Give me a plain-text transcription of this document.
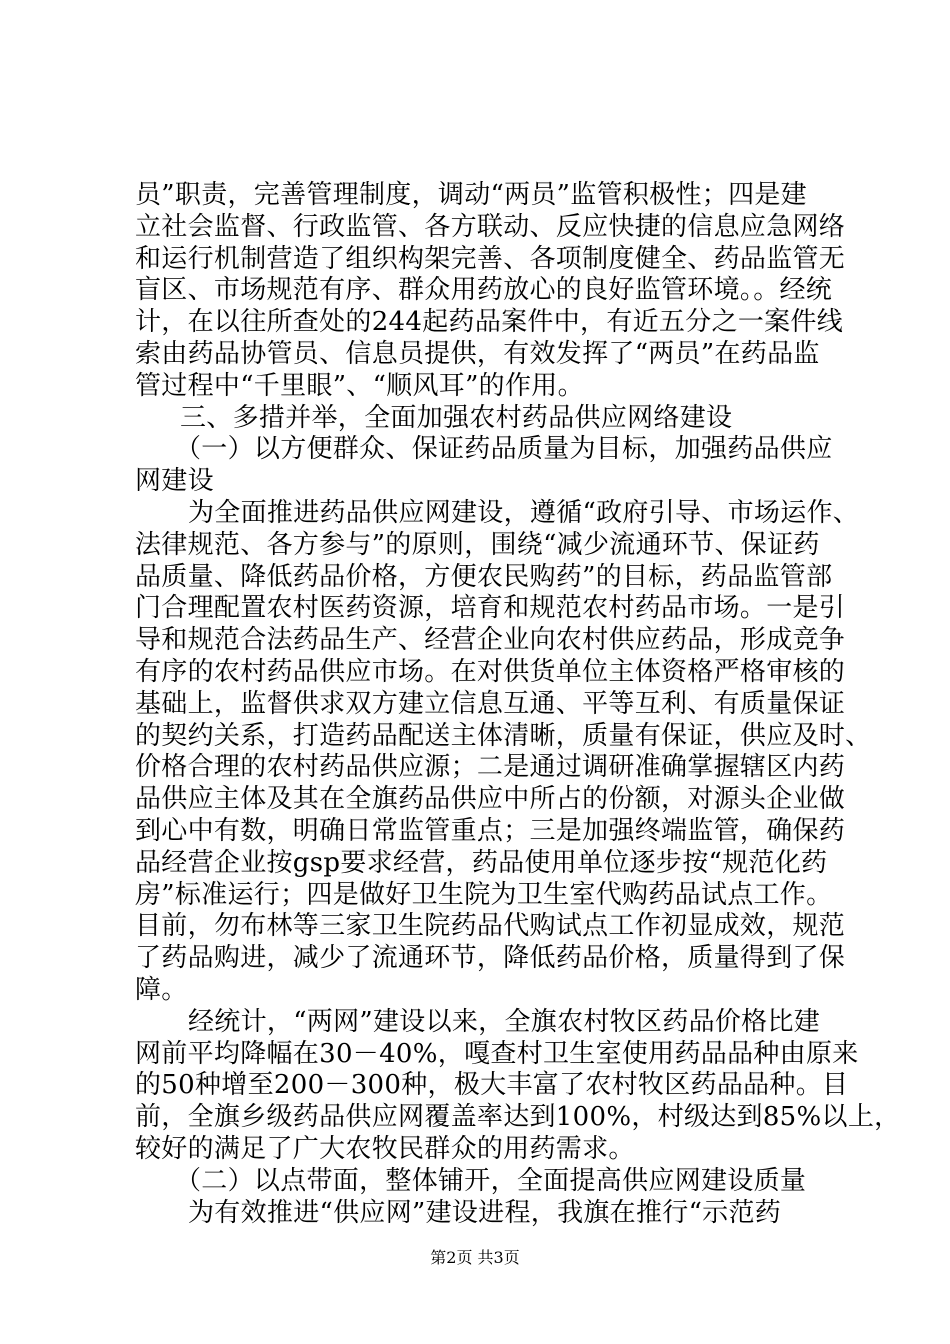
员”职责，完善管理制度，调动“两员”监管积极性；四是建
立社会监督、行政监管、各方联动、反应快捷的信息应急网络
和运行机制营造了组织构架完善、各项制度健全、药品监管无
盲区、市场规范有序、群众用药放心的良好监管环境。。经统
计，在以往所查处的244起药品案件中，有近五分之一案件线
索由药品协管员、信息员提供，有效发挥了“两员”在药品监
管过程中“千里眼”、“顺风耳”的作用。
三、多措并举，全面加强农村药品供应网络建设
（一）以方便群众、保证药品质量为目标，加强药品供应
网建设
为全面推进药品供应网建设，遵循“政府引导、市场运作、
法律规范、各方参与”的原则，围绕“减少流通环节、保证药
品质量、降低药品价格，方便农民购药”的目标，药品监管部
门合理配置农村医药资源，培育和规范农村药品市场。一是引
导和规范合法药品生产、经营企业向农村供应药品，形成竞争
有序的农村药品供应市场。在对供货单位主体资格严格审核的
基础上，监督供求双方建立信息互通、平等互利、有质量保证
的契约关系，打造药品配送主体清晰，质量有保证，供应及时、
价格合理的农村药品供应源；二是通过调研准确掌握辖区内药
品供应主体及其在全旗药品供应中所占的份额，对源头企业做
到心中有数，明确日常监管重点；三是加强终端监管，确保药
品经营企业按gsp要求经营，药品使用单位逐步按“规范化药
房”标准运行；四是做好卫生院为卫生室代购药品试点工作。
目前，勿布林等三家卫生院药品代购试点工作初显成效，规范
了药品购进，减少了流通环节，降低药品价格，质量得到了保
障。
经统计，“两网”建设以来，全旗农村牧区药品价格比建
网前平均降幅在30－40%，嘎查村卫生室使用药品品种由原来
的50种增至200－300种，极大丰富了农村牧区药品品种。目
前，全旗乡级药品供应网覆盖率达到100%，村级达到85%以上，
较好的满足了广大农牧民群众的用药需求。
（二）以点带面，整体铺开，全面提高供应网建设质量
为有效推进“供应网”建设进程，我旗在推行“示范药
第2页 共3页
